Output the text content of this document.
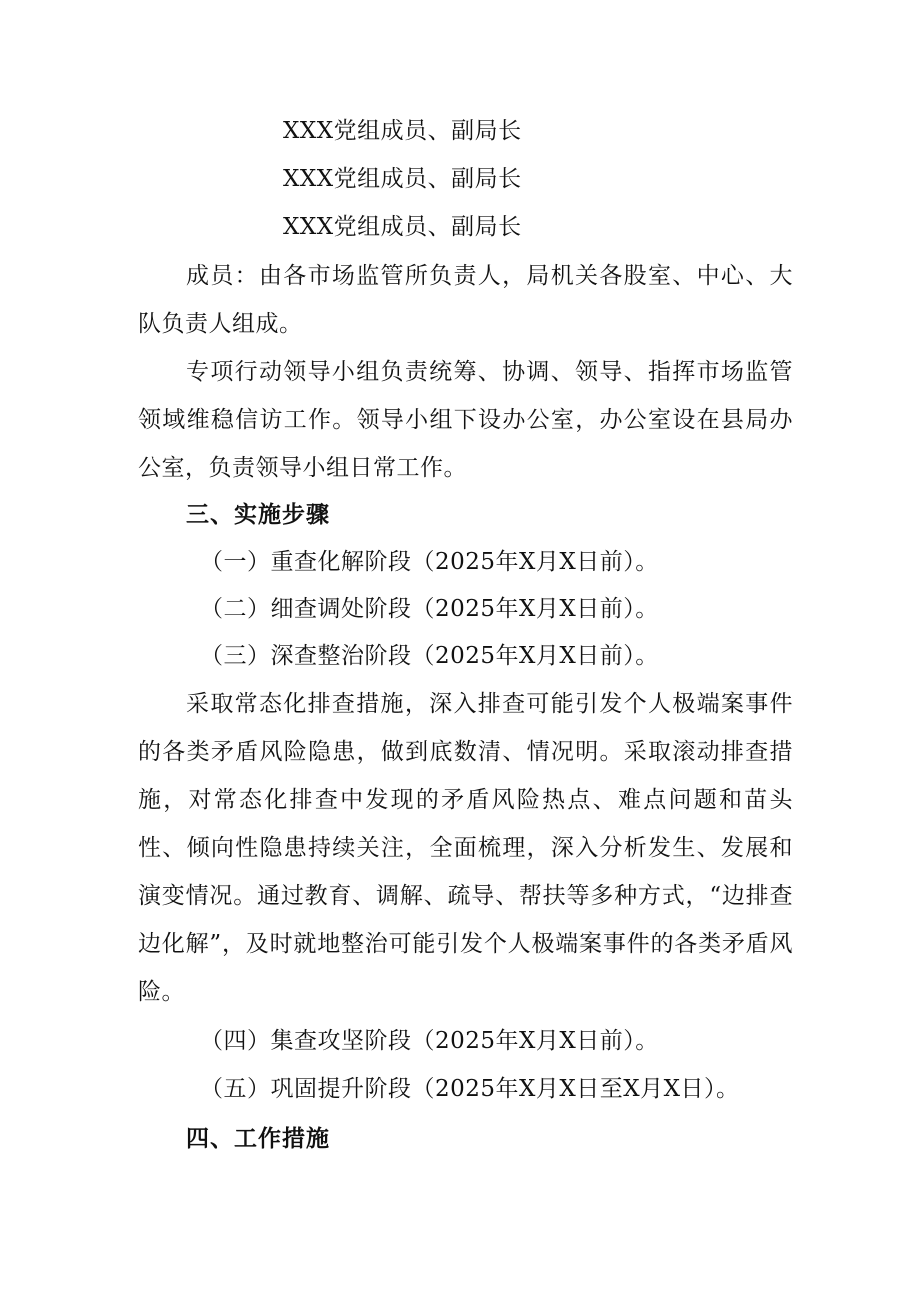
XXX党组成员、副局长
XXX党组成员、副局长
XXX党组成员、副局长
成员：由各市场监管所负责人，局机关各股室、中心、大队负责人组成。
专项行动领导小组负责统筹、协调、领导、指挥市场监管领域维稳信访工作。领导小组下设办公室，办公室设在县局办公室，负责领导小组日常工作。
三、实施步骤
（一）重查化解阶段（2025年X月X日前）。
（二）细查调处阶段（2025年X月X日前）。
（三）深查整治阶段（2025年X月X日前）。
采取常态化排查措施，深入排查可能引发个人极端案事件的各类矛盾风险隐患，做到底数清、情况明。采取滚动排查措施，对常态化排查中发现的矛盾风险热点、难点问题和苗头性、倾向性隐患持续关注，全面梳理，深入分析发生、发展和演变情况。通过教育、调解、疏导、帮扶等多种方式，“边排查边化解”，及时就地整治可能引发个人极端案事件的各类矛盾风险。
（四）集查攻坚阶段（2025年X月X日前）。
（五）巩固提升阶段（2025年X月X日至X月X日）。
四、工作措施
